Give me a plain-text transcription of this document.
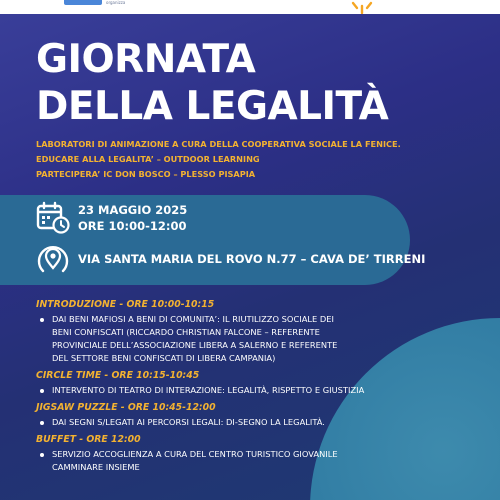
organizza
GIORNATA
DELLA LEGALITÀ
LABORATORI DI ANIMAZIONE A CURA DELLA COOPERATIVA SOCIALE LA FENICE.
EDUCARE ALLA LEGALITA’ – OUTDOOR LEARNING
PARTECIPERA’ IC DON BOSCO – PLESSO PISAPIA
23 MAGGIO 2025
ORE 10:00-12:00
VIA SANTA MARIA DEL ROVO N.77 – CAVA DE’ TIRRENI
INTRODUZIONE - ORE 10:00-10:15
DAI BENI MAFIOSI A BENI DI COMUNITA’: IL RIUTILIZZO SOCIALE DEI
BENI CONFISCATI (RICCARDO CHRISTIAN FALCONE – REFERENTE
PROVINCIALE DELL’ASSOCIAZIONE LIBERA A SALERNO E REFERENTE
DEL SETTORE BENI CONFISCATI DI LIBERA CAMPANIA)
CIRCLE TIME - ORE 10:15-10:45
INTERVENTO DI TEATRO DI INTERAZIONE: LEGALITÀ, RISPETTO E GIUSTIZIA
JIGSAW PUZZLE - ORE 10:45-12:00
DAI SEGNI S/LEGATI AI PERCORSI LEGALI: DI-SEGNO LA LEGALITÀ.
BUFFET - ORE 12:00
SERVIZIO ACCOGLIENZA A CURA DEL CENTRO TURISTICO GIOVANILE
CAMMINARE INSIEME
